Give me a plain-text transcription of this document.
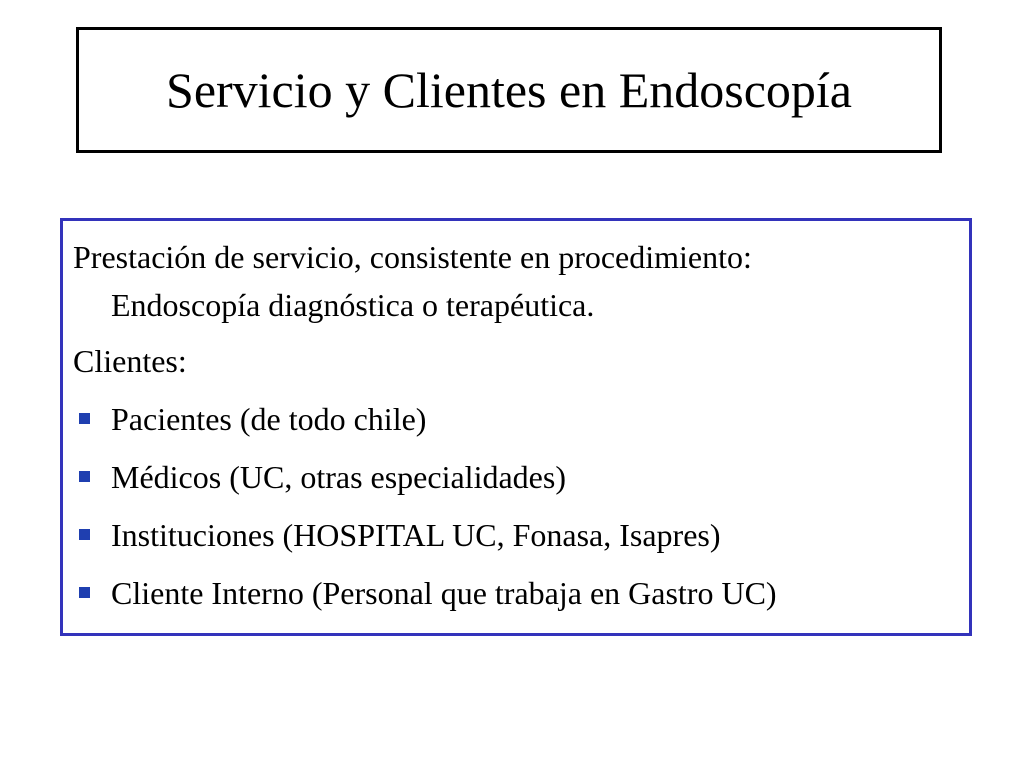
Servicio y Clientes en Endoscopía
Prestación de servicio, consistente en procedimiento:
Endoscopía diagnóstica o terapéutica.
Clientes:
Pacientes (de todo chile)
Médicos (UC, otras especialidades)
Instituciones (HOSPITAL UC, Fonasa, Isapres)
Cliente Interno (Personal que trabaja en Gastro UC)
